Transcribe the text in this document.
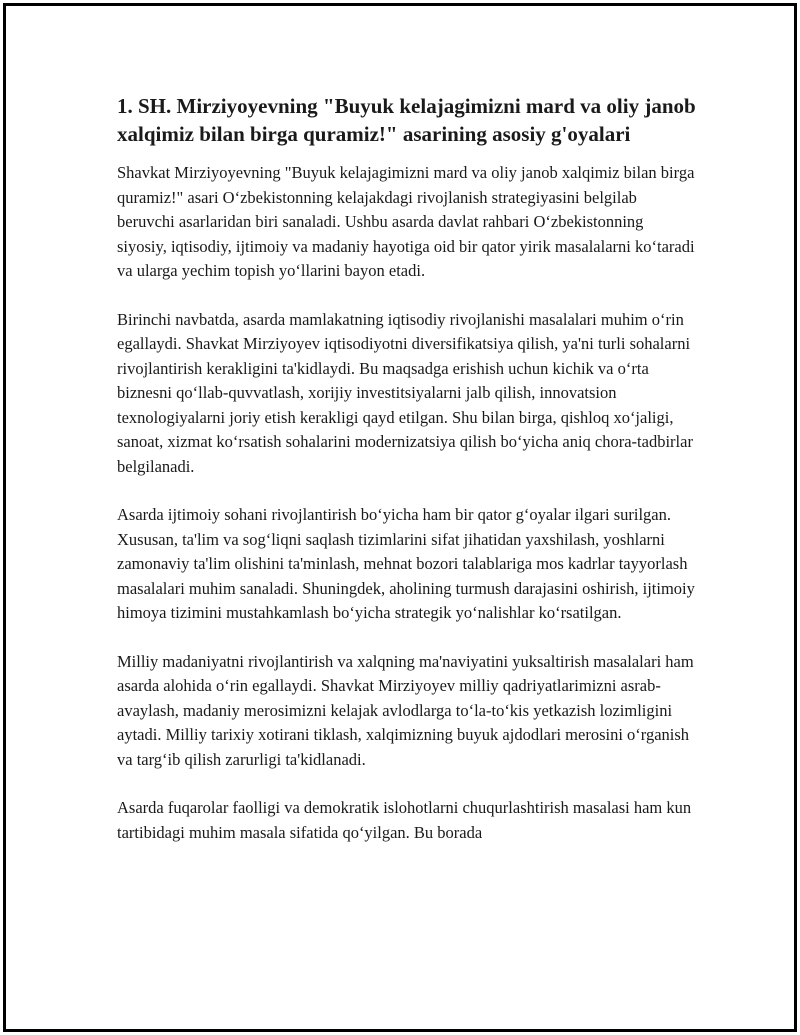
1. SH. Mirziyoyevning "Buyuk kelajagimizni mard va oliy janob xalqimiz bilan birga quramiz!" asarining asosiy g'oyalari

Shavkat Mirziyoyevning "Buyuk kelajagimizni mard va oliy janob xalqimiz bilan birga quramiz!" asari O‘zbekistonning kelajakdagi rivojlanish strategiyasini belgilab beruvchi asarlaridan biri sanaladi. Ushbu asarda davlat rahbari O‘zbekistonning siyosiy, iqtisodiy, ijtimoiy va madaniy hayotiga oid bir qator yirik masalalarni ko‘taradi va ularga yechim topish yo‘llarini bayon etadi.

Birinchi navbatda, asarda mamlakatning iqtisodiy rivojlanishi masalalari muhim o‘rin egallaydi. Shavkat Mirziyoyev iqtisodiyotni diversifikatsiya qilish, ya'ni turli sohalarni rivojlantirish kerakligini ta'kidlaydi. Bu maqsadga erishish uchun kichik va o‘rta biznesni qo‘llab-quvvatlash, xorijiy investitsiyalarni jalb qilish, innovatsion texnologiyalarni joriy etish kerakligi qayd etilgan. Shu bilan birga, qishloq xo‘jaligi, sanoat, xizmat ko‘rsatish sohalarini modernizatsiya qilish bo‘yicha aniq chora-tadbirlar belgilanadi.

Asarda ijtimoiy sohani rivojlantirish bo‘yicha ham bir qator g‘oyalar ilgari surilgan. Xususan, ta'lim va sog‘liqni saqlash tizimlarini sifat jihatidan yaxshilash, yoshlarni zamonaviy ta'lim olishini ta'minlash, mehnat bozori talablariga mos kadrlar tayyorlash masalalari muhim sanaladi. Shuningdek, aholining turmush darajasini oshirish, ijtimoiy himoya tizimini mustahkamlash bo‘yicha strategik yo‘nalishlar ko‘rsatilgan.

Milliy madaniyatni rivojlantirish va xalqning ma'naviyatini yuksaltirish masalalari ham asarda alohida o‘rin egallaydi. Shavkat Mirziyoyev milliy qadriyatlarimizni asrab-avaylash, madaniy merosimizni kelajak avlodlarga to‘la-to‘kis yetkazish lozimligini aytadi. Milliy tarixiy xotirani tiklash, xalqimizning buyuk ajdodlari merosini o‘rganish va targ‘ib qilish zarurligi ta'kidlanadi.

Asarda fuqarolar faolligi va demokratik islohotlarni chuqurlashtirish masalasi ham kun tartibidagi muhim masala sifatida qo‘yilgan. Bu borada
